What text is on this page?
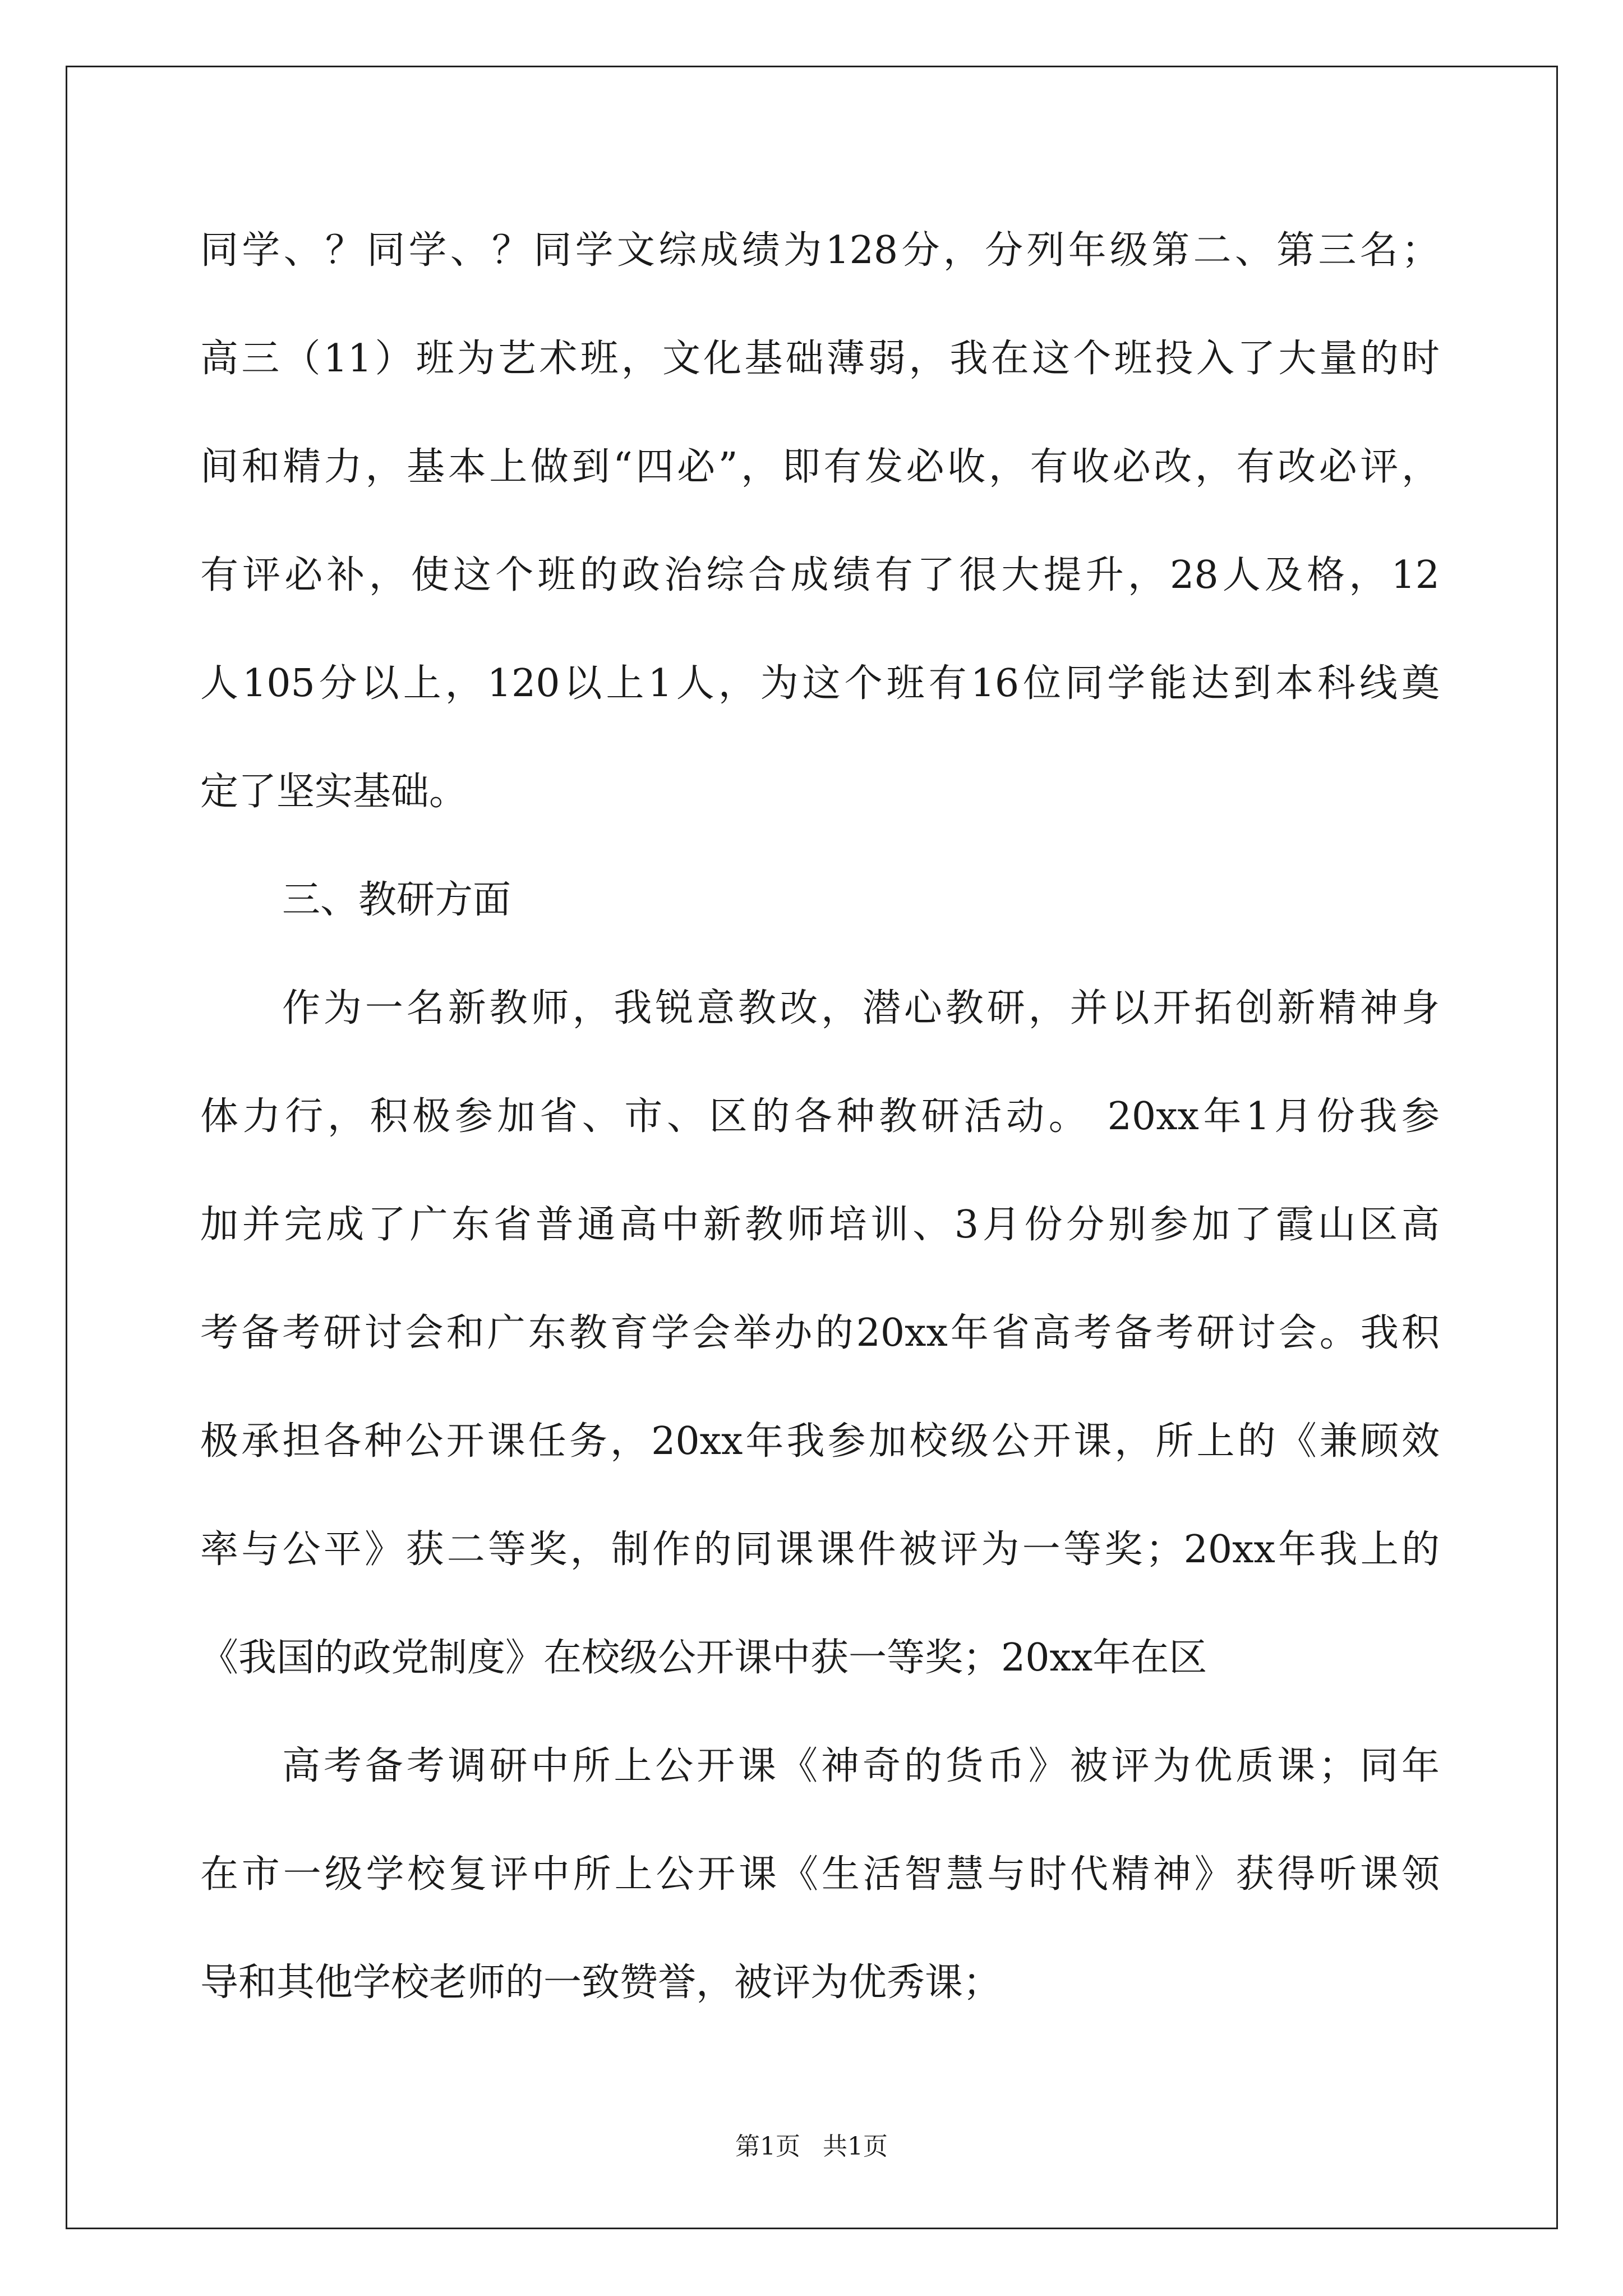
同学、？同学、？同学文综成绩为128分，分列年级第二、第三名；
高三（11）班为艺术班，文化基础薄弱，我在这个班投入了大量的时
间和精力，基本上做到“四必”，即有发必收，有收必改，有改必评，
有评必补，使这个班的政治综合成绩有了很大提升，28人及格，12
人105分以上，120以上1人，为这个班有16位同学能达到本科线奠
定了坚实基础。
三、教研方面
作为一名新教师，我锐意教改，潜心教研，并以开拓创新精神身
体力行，积极参加省、市、区的各种教研活动。 20xx年1月份我参
加并完成了广东省普通高中新教师培训、3月份分别参加了霞山区高
考备考研讨会和广东教育学会举办的20xx年省高考备考研讨会。我积
极承担各种公开课任务，20xx年我参加校级公开课，所上的《兼顾效
率与公平》获二等奖，制作的同课课件被评为一等奖；20xx年我上的
《我国的政党制度》在校级公开课中获一等奖；20xx年在区
高考备考调研中所上公开课《神奇的货币》被评为优质课；同年
在市一级学校复评中所上公开课《生活智慧与时代精神》获得听课领
导和其他学校老师的一致赞誉，被评为优秀课；
第1页 共1页
